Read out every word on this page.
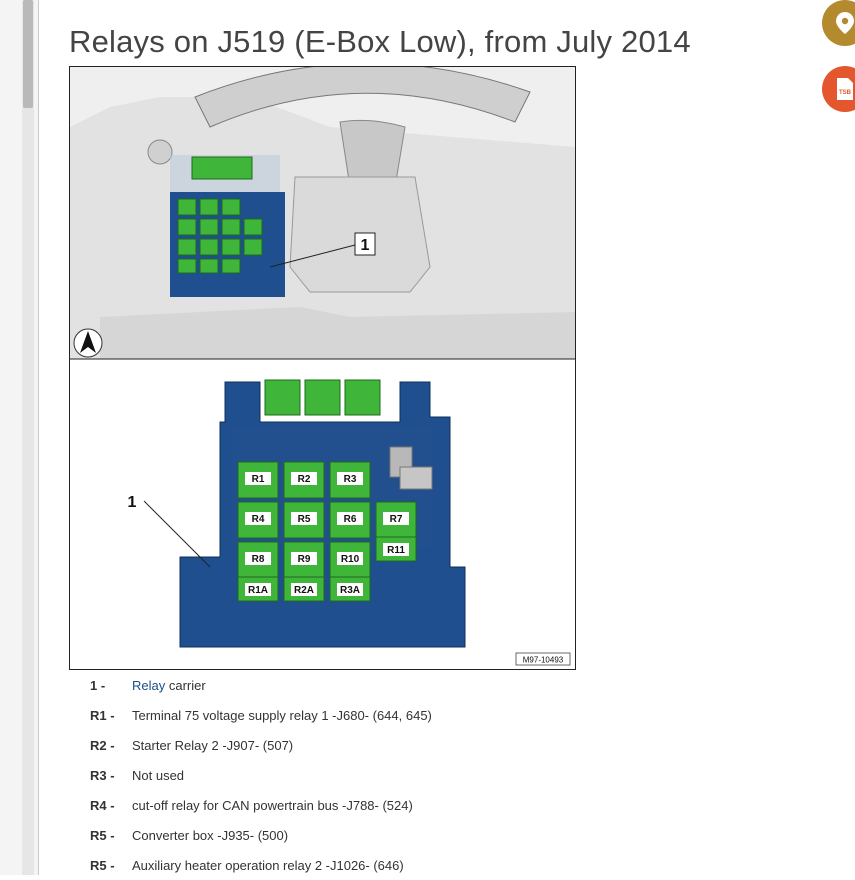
Relays on J519 (E-Box Low), from July 2014
1
R1	R2	R3
R4	R5	R6	R7
R8	R9	R10
R11
R1A	R2A	R3A
1
M97-10493
TSB
1 -	Relay carrier
R1 -	Terminal 75 voltage supply relay 1 -J680- (644, 645)
R2 -	Starter Relay 2 -J907- (507)
R3 -	Not used
R4 -	cut-off relay for CAN powertrain bus -J788- (524)
R5 -	Converter box -J935- (500)
R5 -	Auxiliary heater operation relay 2 -J1026- (646)
